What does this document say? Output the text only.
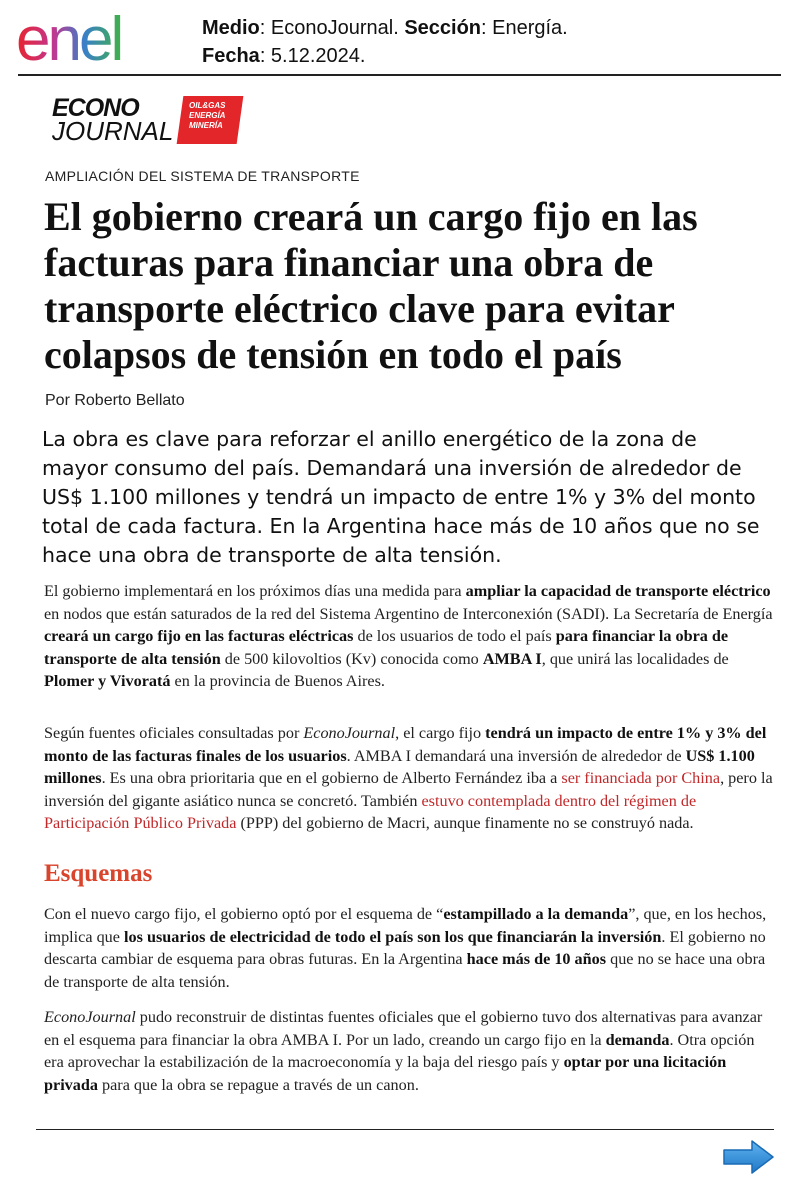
enel	Medio: EconoJournal. Sección: Energía.
Fecha: 5.12.2024.
ECONO
JOURNAL
OIL&GAS
ENERGÍA
MINERÍA
AMPLIACIÓN DEL SISTEMA DE TRANSPORTE
El gobierno creará un cargo fijo en las facturas para financiar una obra de transporte eléctrico clave para evitar colapsos de tensión en todo el país
Por Roberto Bellato

La obra es clave para reforzar el anillo energético de la zona de mayor consumo del país. Demandará una inversión de alrededor de US$ 1.100 millones y tendrá un impacto de entre 1% y 3% del monto total de cada factura. En la Argentina hace más de 10 años que no se hace una obra de transporte de alta tensión.

El gobierno implementará en los próximos días una medida para ampliar la capacidad de transporte eléctrico en nodos que están saturados de la red del Sistema Argentino de Interconexión (SADI). La Secretaría de Energía creará un cargo fijo en las facturas eléctricas de los usuarios de todo el país para financiar la obra de transporte de alta tensión de 500 kilovoltios (Kv) conocida como AMBA I, que unirá las localidades de Plomer y Vivoratá en la provincia de Buenos Aires.

Según fuentes oficiales consultadas por EconoJournal, el cargo fijo tendrá un impacto de entre 1% y 3% del monto de las facturas finales de los usuarios. AMBA I demandará una inversión de alrededor de US$ 1.100 millones. Es una obra prioritaria que en el gobierno de Alberto Fernández iba a ser financiada por China, pero la inversión del gigante asiático nunca se concretó. También estuvo contemplada dentro del régimen de Participación Público Privada (PPP) del gobierno de Macri, aunque finamente no se construyó nada.

Esquemas

Con el nuevo cargo fijo, el gobierno optó por el esquema de “estampillado a la demanda”, que, en los hechos, implica que los usuarios de electricidad de todo el país son los que financiarán la inversión. El gobierno no descarta cambiar de esquema para obras futuras. En la Argentina hace más de 10 años que no se hace una obra de transporte de alta tensión.

EconoJournal pudo reconstruir de distintas fuentes oficiales que el gobierno tuvo dos alternativas para avanzar en el esquema para financiar la obra AMBA I. Por un lado, creando un cargo fijo en la demanda. Otra opción era aprovechar la estabilización de la macroeconomía y la baja del riesgo país y optar por una licitación privada para que la obra se repague a través de un canon.
